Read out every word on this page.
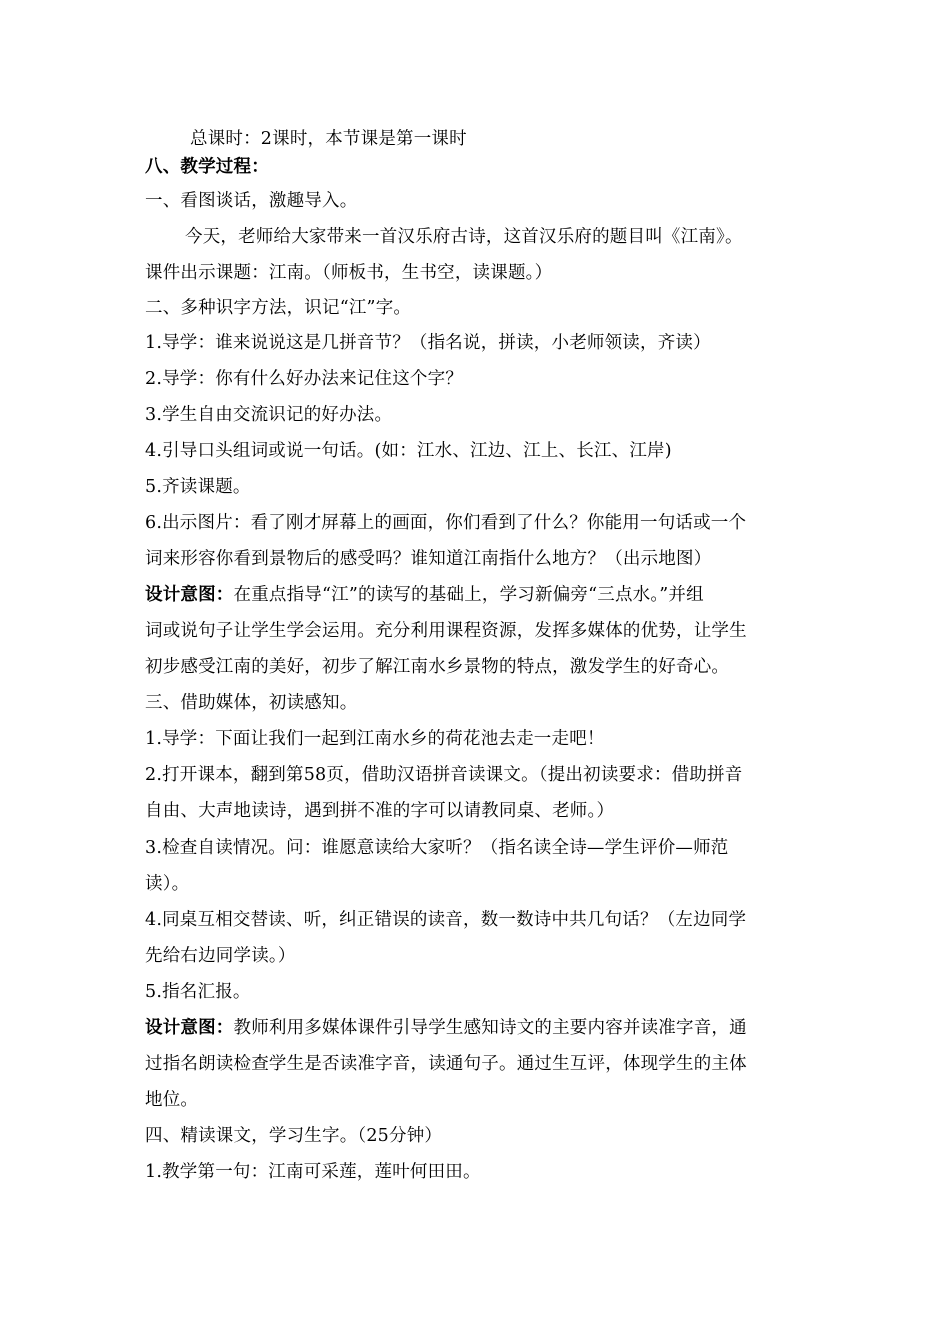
总课时：2课时，本节课是第一课时
八、教学过程：
一、看图谈话，激趣导入。
今天，老师给大家带来一首汉乐府古诗，这首汉乐府的题目叫《江南》。
课件出示课题：江南。（师板书，生书空，读课题。）
二、多种识字方法，识记“江”字。
1.导学：谁来说说这是几拼音节？（指名说，拼读，小老师领读，齐读）
2.导学：你有什么好办法来记住这个字？
3.学生自由交流识记的好办法。
4.引导口头组词或说一句话。(如：江水、江边、江上、长江、江岸)
5.齐读课题。
6.出示图片：看了刚才屏幕上的画面，你们看到了什么？你能用一句话或一个
词来形容你看到景物后的感受吗？谁知道江南指什么地方？（出示地图）
设计意图：在重点指导“江”的读写的基础上，学习新偏旁“三点水。”并组
词或说句子让学生学会运用。充分利用课程资源，发挥多媒体的优势，让学生
初步感受江南的美好，初步了解江南水乡景物的特点，激发学生的好奇心。
三、借助媒体，初读感知。
1.导学：下面让我们一起到江南水乡的荷花池去走一走吧！
2.打开课本，翻到第58页，借助汉语拼音读课文。（提出初读要求：借助拼音
自由、大声地读诗，遇到拼不准的字可以请教同桌、老师。）
3.检查自读情况。问：谁愿意读给大家听？（指名读全诗—学生评价—师范
读）。
4.同桌互相交替读、听，纠正错误的读音，数一数诗中共几句话？（左边同学
先给右边同学读。）
5.指名汇报。
设计意图：教师利用多媒体课件引导学生感知诗文的主要内容并读准字音，通
过指名朗读检查学生是否读准字音，读通句子。通过生互评，体现学生的主体
地位。
四、精读课文，学习生字。（25分钟）
1.教学第一句：江南可采莲，莲叶何田田。
